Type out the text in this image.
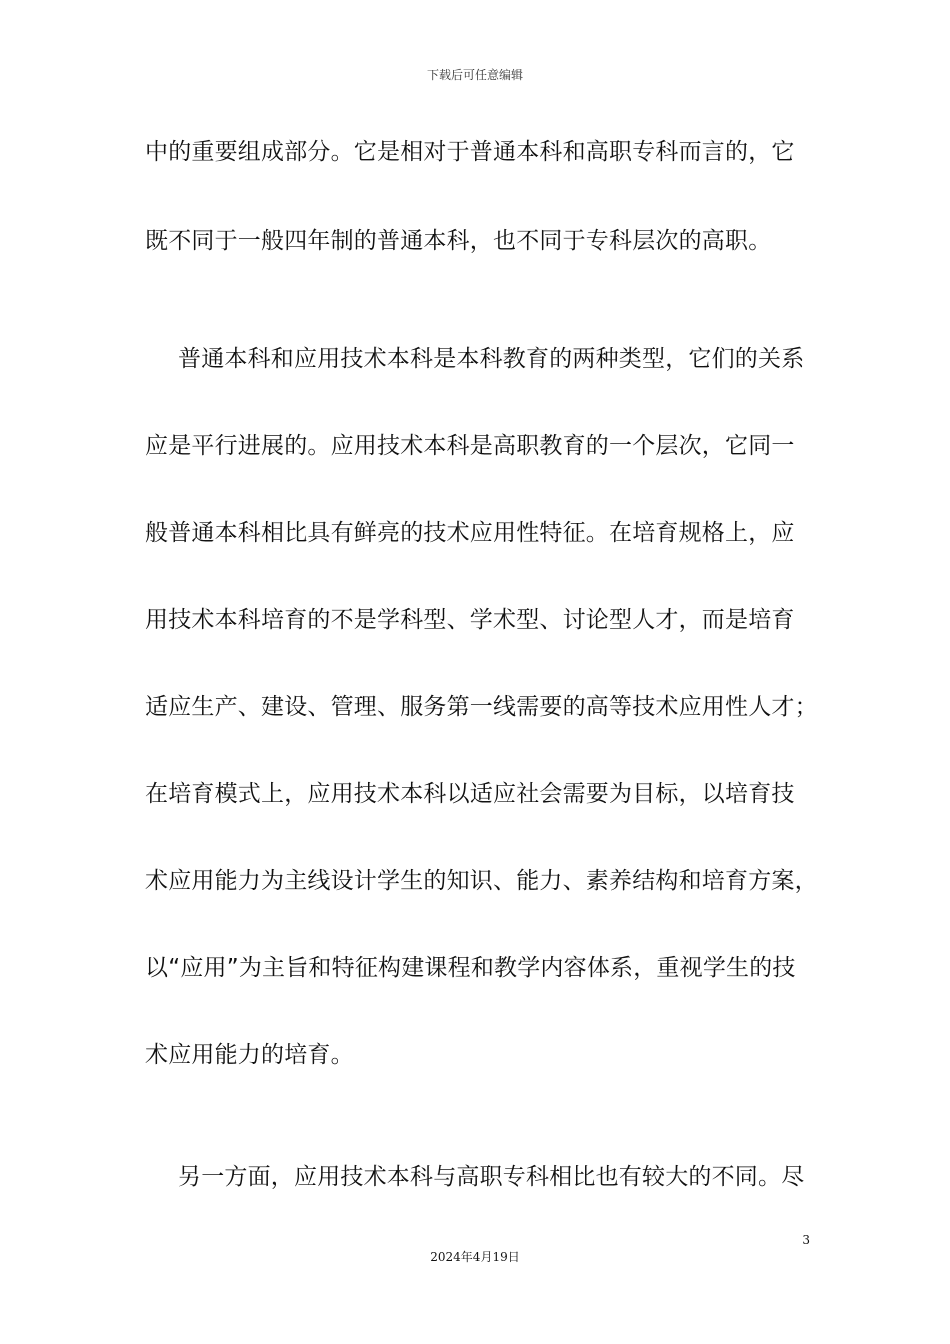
下载后可任意编辑
中的重要组成部分。它是相对于普通本科和高职专科而言的，它
既不同于一般四年制的普通本科，也不同于专科层次的高职。
普通本科和应用技术本科是本科教育的两种类型，它们的关系
应是平行进展的。应用技术本科是高职教育的一个层次，它同一
般普通本科相比具有鲜亮的技术应用性特征。在培育规格上，应
用技术本科培育的不是学科型、学术型、讨论型人才，而是培育
适应生产、建设、管理、服务第一线需要的高等技术应用性人才；
在培育模式上，应用技术本科以适应社会需要为目标，以培育技
术应用能力为主线设计学生的知识、能力、素养结构和培育方案，
以“应用”为主旨和特征构建课程和教学内容体系，重视学生的技
术应用能力的培育。
另一方面，应用技术本科与高职专科相比也有较大的不同。尽
3
2024年4月19日
